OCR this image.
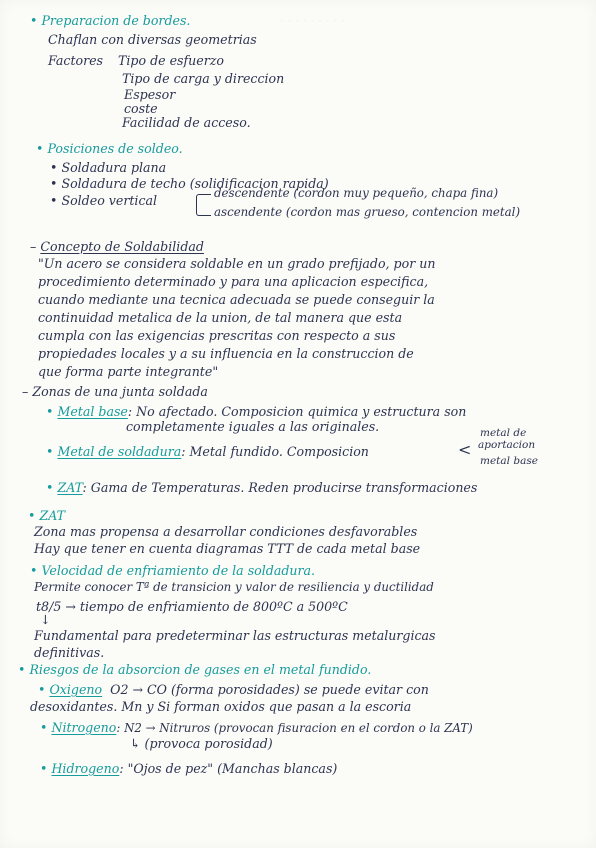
· · · · · · · · ·
• Preparacion de bordes.
Chaflan con diversas geometrias
Factores Tipo de esfuerzo
Tipo de carga y direccion
Espesor
coste
Facilidad de acceso.
• Posiciones de soldeo.
• Soldadura plana
• Soldadura de techo (solidificacion rapida)
• Soldeo vertical	descendente (cordon muy pequeño, chapa fina)
ascendente (cordon mas grueso, contencion metal)
– Concepto de Soldabilidad
"Un acero se considera soldable en un grado prefijado, por un
procedimiento determinado y para una aplicacion especifica,
cuando mediante una tecnica adecuada se puede conseguir la
continuidad metalica de la union, de tal manera que esta
cumpla con las exigencias prescritas con respecto a sus
propiedades locales y a su influencia en la construccion de
que forma parte integrante"
– Zonas de una junta soldada
• Metal base: No afectado. Composicion quimica y estructura son
completamente iguales a las originales.
• Metal de soldadura: Metal fundido. Composicion	<
metal de
aportacion
metal base
• ZAT: Gama de Temperaturas. Reden producirse transformaciones
• ZAT
Zona mas propensa a desarrollar condiciones desfavorables
Hay que tener en cuenta diagramas TTT de cada metal base
• Velocidad de enfriamiento de la soldadura.
Permite conocer Tª de transicion y valor de resiliencia y ductilidad
t8/5 → tiempo de enfriamiento de 800ºC a 500ºC
↓
Fundamental para predeterminar las estructuras metalurgicas
definitivas.
• Riesgos de la absorcion de gases en el metal fundido.
• Oxigeno O2 → CO (forma porosidades) se puede evitar con
desoxidantes. Mn y Si forman oxidos que pasan a la escoria
• Nitrogeno: N2 → Nitruros (provocan fisuracion en el cordon o la ZAT)
↳ (provoca porosidad)
• Hidrogeno: "Ojos de pez" (Manchas blancas)
